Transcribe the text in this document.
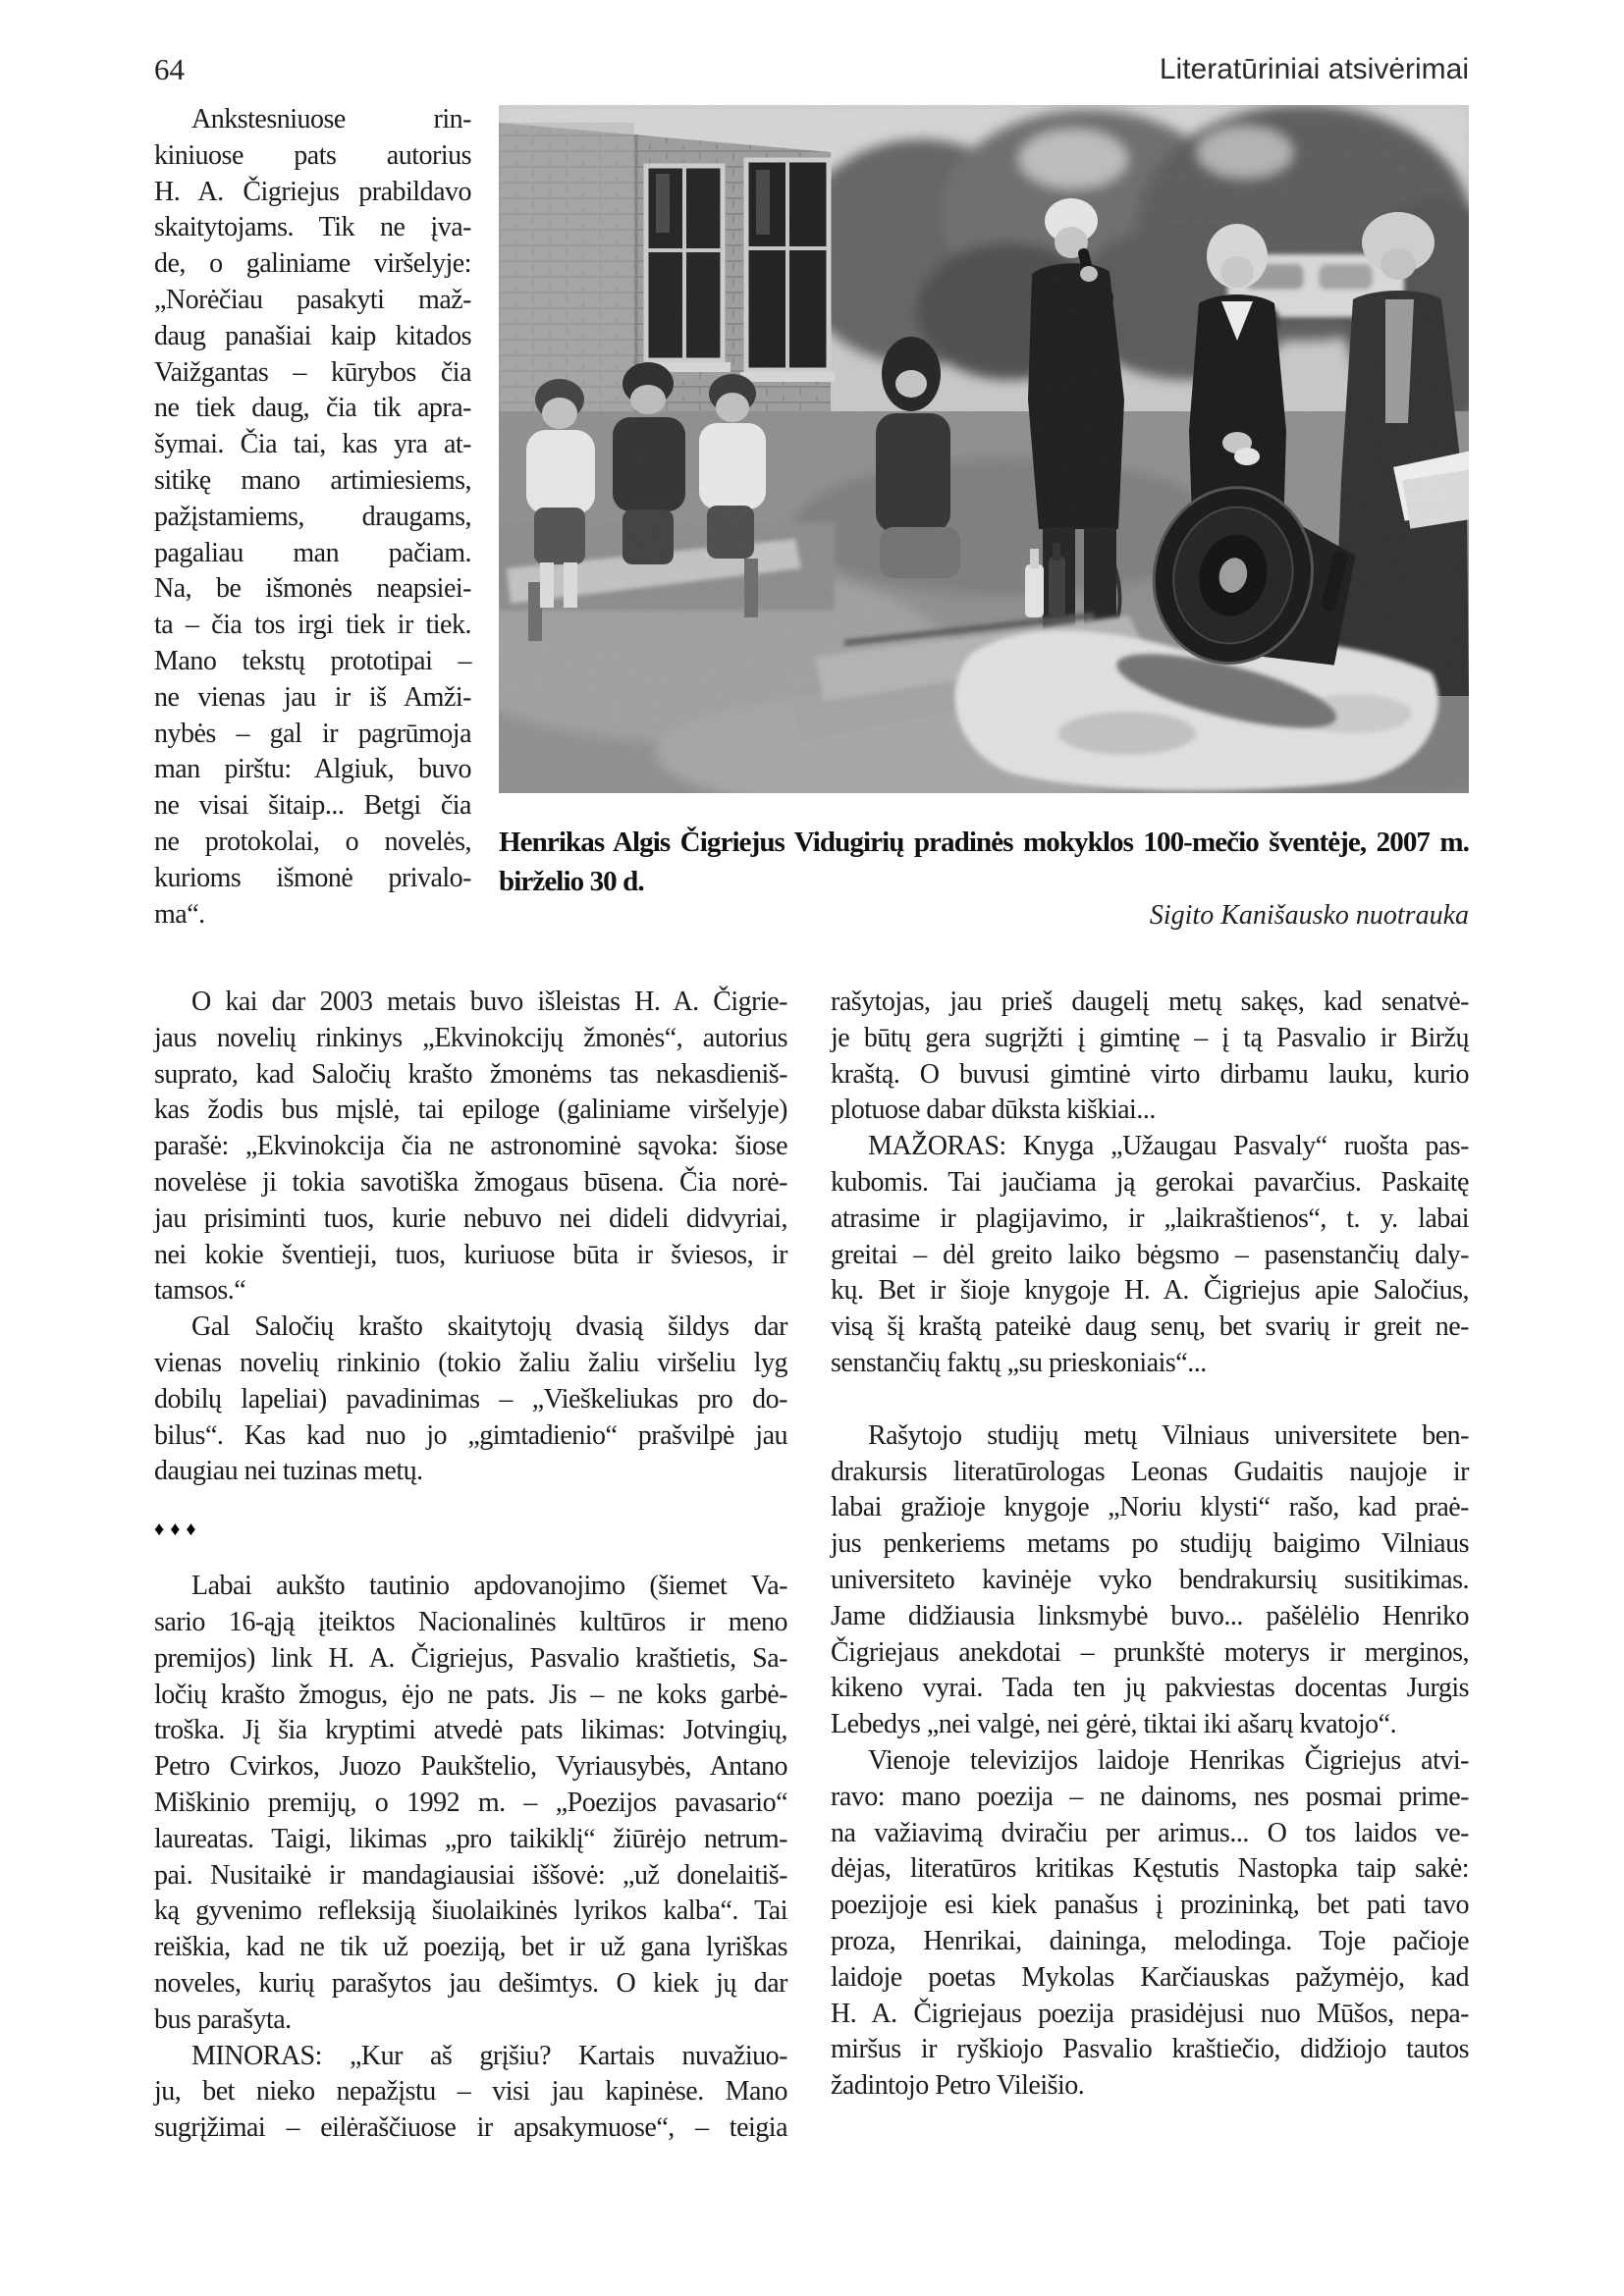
64	Literatūriniai atsivėrimai
Ankstesniuose rin-
kiniuose pats autorius
H. A. Čigriejus prabildavo
skaitytojams. Tik ne įva-
de, o galiniame viršelyje:
„Norėčiau pasakyti maž-
daug panašiai kaip kitados
Vaižgantas – kūrybos čia
ne tiek daug, čia tik apra-
šymai. Čia tai, kas yra at-
sitikę mano artimiesiems,
pažįstamiems, draugams,
pagaliau man pačiam.
Na, be išmonės neapsiei-
ta – čia tos irgi tiek ir tiek.
Mano tekstų prototipai –
ne vienas jau ir iš Amži-
nybės – gal ir pagrūmoja
man pirštu: Algiuk, buvo
ne visai šitaip... Betgi čia
ne protokolai, o novelės,
kurioms išmonė privalo-
ma“.
Henrikas Algis Čigriejus Vidugirių pradinės mokyklos 100-mečio šventėje, 2007 m.
birželio 30 d.
Sigito Kanišausko nuotrauka
O kai dar 2003 metais buvo išleistas H. A. Čigrie-
jaus novelių rinkinys „Ekvinokcijų žmonės“, autorius
suprato, kad Saločių krašto žmonėms tas nekasdieniš-
kas žodis bus mįslė, tai epiloge (galiniame viršelyje)
parašė: „Ekvinokcija čia ne astronominė sąvoka: šiose
novelėse ji tokia savotiška žmogaus būsena. Čia norė-
jau prisiminti tuos, kurie nebuvo nei dideli didvyriai,
nei kokie šventieji, tuos, kuriuose būta ir šviesos, ir
tamsos.“
Gal Saločių krašto skaitytojų dvasią šildys dar
vienas novelių rinkinio (tokio žaliu žaliu viršeliu lyg
dobilų lapeliai) pavadinimas – „Vieškeliukas pro do-
bilus“. Kas kad nuo jo „gimtadienio“ prašvilpė jau
daugiau nei tuzinas metų.
♦♦♦
Labai aukšto tautinio apdovanojimo (šiemet Va-
sario 16-ąją įteiktos Nacionalinės kultūros ir meno
premijos) link H. A. Čigriejus, Pasvalio kraštietis, Sa-
ločių krašto žmogus, ėjo ne pats. Jis – ne koks garbė-
troška. Jį šia kryptimi atvedė pats likimas: Jotvingių,
Petro Cvirkos, Juozo Paukštelio, Vyriausybės, Antano
Miškinio premijų, o 1992 m. – „Poezijos pavasario“
laureatas. Taigi, likimas „pro taikiklį“ žiūrėjo netrum-
pai. Nusitaikė ir mandagiausiai iššovė: „už donelaitiš-
ką gyvenimo refleksiją šiuolaikinės lyrikos kalba“. Tai
reiškia, kad ne tik už poeziją, bet ir už gana lyriškas
noveles, kurių parašytos jau dešimtys. O kiek jų dar
bus parašyta.
MINORAS: „Kur aš grįšiu? Kartais nuvažiuo-
ju, bet nieko nepažįstu – visi jau kapinėse. Mano
sugrįžimai – eilėraščiuose ir apsakymuose“, – teigia
rašytojas, jau prieš daugelį metų sakęs, kad senatvė-
je būtų gera sugrįžti į gimtinę – į tą Pasvalio ir Biržų
kraštą. O buvusi gimtinė virto dirbamu lauku, kurio
plotuose dabar dūksta kiškiai...
MAŽORAS: Knyga „Užaugau Pasvaly“ ruošta pas-
kubomis. Tai jaučiama ją gerokai pavarčius. Paskaitę
atrasime ir plagijavimo, ir „laikraštienos“, t. y. labai
greitai – dėl greito laiko bėgsmo – pasenstančių daly-
kų. Bet ir šioje knygoje H. A. Čigriejus apie Saločius,
visą šį kraštą pateikė daug senų, bet svarių ir greit ne-
senstančių faktų „su prieskoniais“...
Rašytojo studijų metų Vilniaus universitete ben-
drakursis literatūrologas Leonas Gudaitis naujoje ir
labai gražioje knygoje „Noriu klysti“ rašo, kad praė-
jus penkeriems metams po studijų baigimo Vilniaus
universiteto kavinėje vyko bendrakursių susitikimas.
Jame didžiausia linksmybė buvo... pašėlėlio Henriko
Čigriejaus anekdotai – prunkštė moterys ir merginos,
kikeno vyrai. Tada ten jų pakviestas docentas Jurgis
Lebedys „nei valgė, nei gėrė, tiktai iki ašarų kvatojo“.
Vienoje televizijos laidoje Henrikas Čigriejus atvi-
ravo: mano poezija – ne dainoms, nes posmai prime-
na važiavimą dviračiu per arimus... O tos laidos ve-
dėjas, literatūros kritikas Kęstutis Nastopka taip sakė:
poezijoje esi kiek panašus į prozininką, bet pati tavo
proza, Henrikai, daininga, melodinga. Toje pačioje
laidoje poetas Mykolas Karčiauskas pažymėjo, kad
H. A. Čigriejaus poezija prasidėjusi nuo Mūšos, nepa-
miršus ir ryškiojo Pasvalio kraštiečio, didžiojo tautos
žadintojo Petro Vileišio.
